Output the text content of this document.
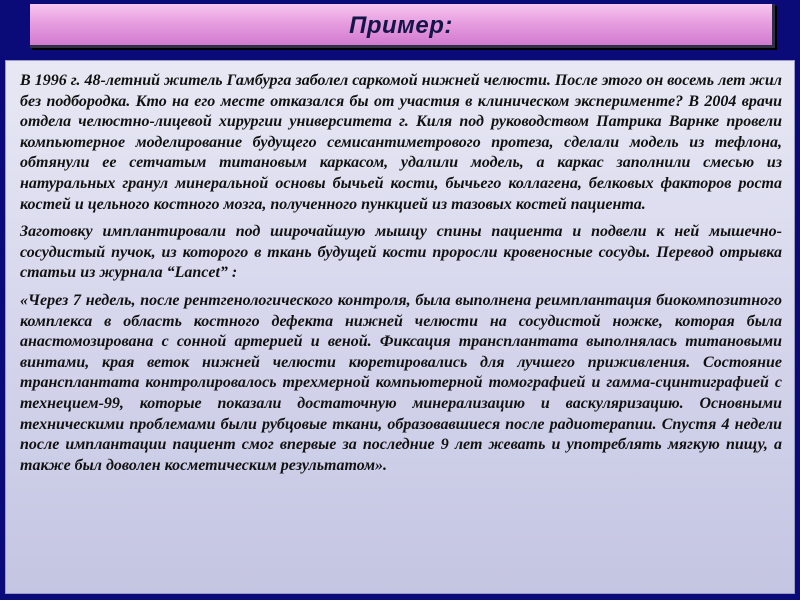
Пример:

В 1996 г. 48-летний житель Гамбурга заболел саркомой нижней челюсти. После этого он восемь лет жил без подбородка. Кто на его месте отказался бы от участия в клиническом эксперименте? В 2004 врачи отдела челюстно-лицевой хирургии университета г. Киля под руководством Патрика Варнке провели компьютерное моделирование будущего семисантиметрового протеза, сделали модель из тефлона, обтянули ее сетчатым титановым каркасом, удалили модель, а каркас заполнили смесью из натуральных гранул минеральной основы бычьей кости, бычьего коллагена, белковых факторов роста костей и цельного костного мозга, полученного пункцией из тазовых костей пациента.

Заготовку имплантировали под широчайшую мышцу спины пациента и подвели к ней мышечно-сосудистый пучок, из которого в ткань будущей кости проросли кровеносные сосуды. Перевод отрывка статьи из журнала “Lancet” :

«Через 7 недель, после рентгенологического контроля, была выполнена реимплантация биокомпозитного комплекса в область костного дефекта нижней челюсти на сосудистой ножке, которая была анастомозирована с сонной артерией и веной. Фиксация трансплантата выполнялась титановыми винтами, края веток нижней челюсти кюретировались для лучшего приживления. Состояние трансплантата контролировалось трехмерной компьютерной томографией и гамма-сцинтиграфией с технецием-99, которые показали достаточную минерализацию и васкуляризацию. Основными техническими проблемами были рубцовые ткани, образовавшиеся после радиотерапии. Спустя 4 недели после имплантации пациент смог впервые за последние 9 лет жевать и употреблять мягкую пищу, а также был доволен косметическим результатом».
